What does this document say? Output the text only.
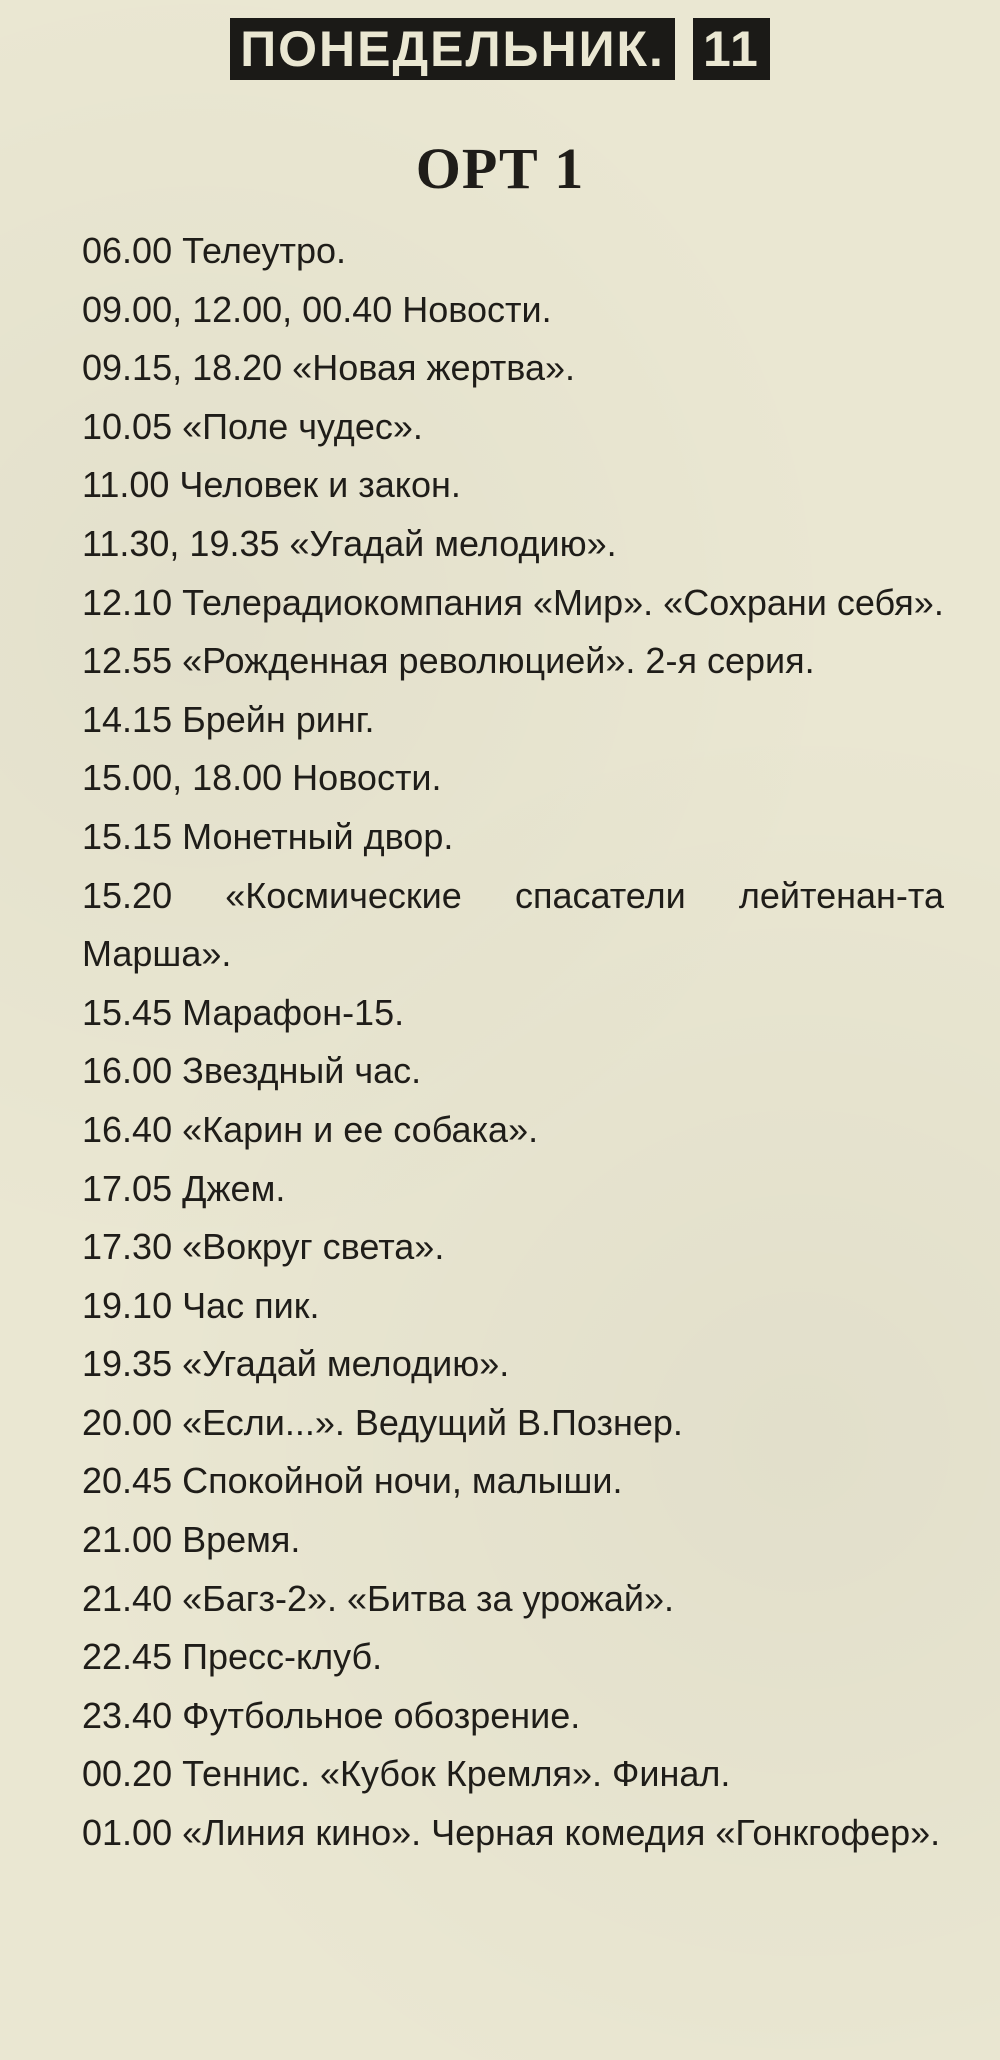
ПОНЕДЕЛЬНИК. 11
ОРТ 1
06.00 Телеутро.
09.00, 12.00, 00.40 Новости.
09.15, 18.20 «Новая жертва».
10.05 «Поле чудес».
11.00 Человек и закон.
11.30, 19.35 «Угадай мелодию».
12.10 Телерадиокомпания «Мир». «Сохрани себя».
12.55 «Рожденная революцией». 2-я серия.
14.15 Брейн ринг.
15.00, 18.00 Новости.
15.15 Монетный двор.
15.20 «Космические спасатели лейтенан-та Марша».
15.45 Марафон-15.
16.00 Звездный час.
16.40 «Карин и ее собака».
17.05 Джем.
17.30 «Вокруг света».
19.10 Час пик.
19.35 «Угадай мелодию».
20.00 «Если...». Ведущий В.Познер.
20.45 Спокойной ночи, малыши.
21.00 Время.
21.40 «Багз-2». «Битва за урожай».
22.45 Пресс-клуб.
23.40 Футбольное обозрение.
00.20 Теннис. «Кубок Кремля». Финал.
01.00 «Линия кино». Черная комедия «Гонкгофер».
